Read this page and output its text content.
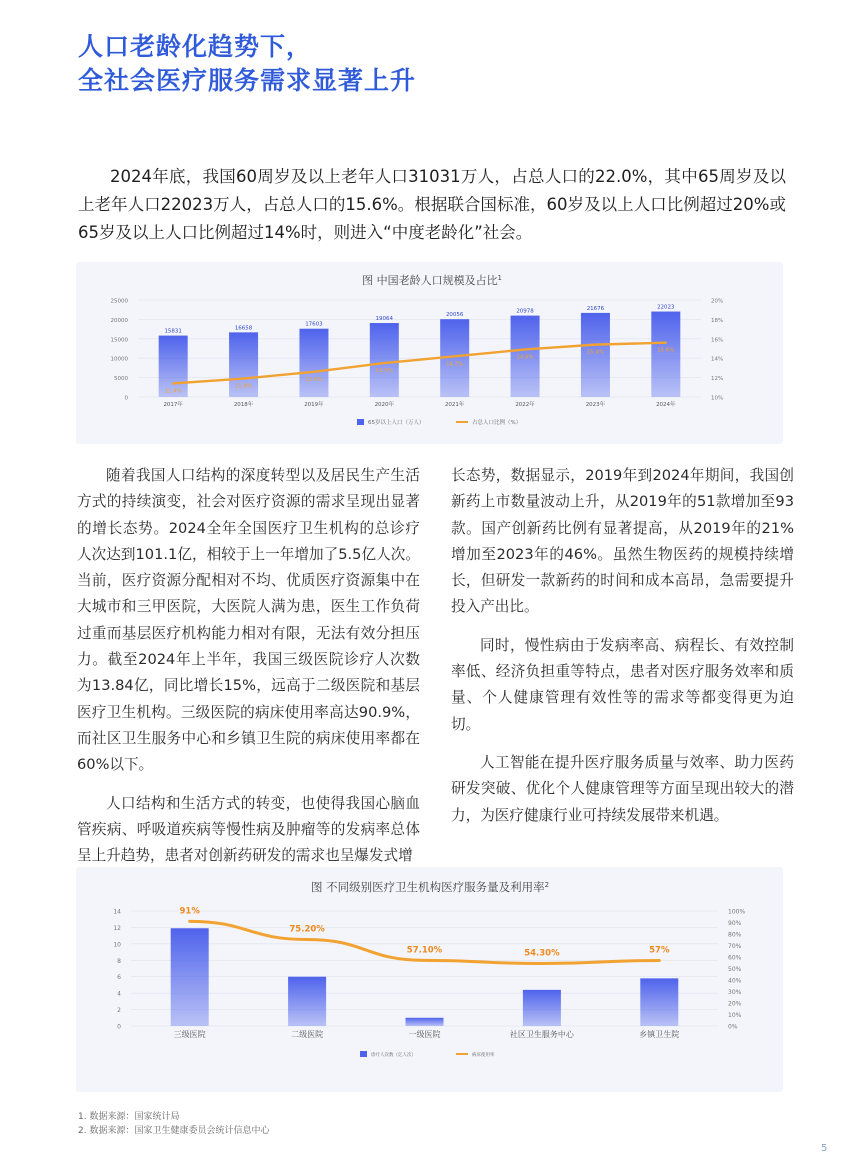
人口老龄化趋势下，
全社会医疗服务需求显著上升

2024年底，我国60周岁及以上老年人口31031万人，占总人口的22.0%，其中65周岁及以上老年人口22023万人，占总人口的15.6%。根据联合国标准，60岁及以上人口比例超过20%或65岁及以上人口比例超过14%时，则进入“中度老龄化”社会。

图 中国老龄人口规模及占比$^1$
0
5000
10000
15000
20000
25000
10%
12%
14%
16%
18%
20%
15831
16658
17603
19064
20056
20978	21676	22023
2017年	2018年	2019年	2020年	2021年	2022年	2023年	2024年
11.4%
11.9%
12.6%
13.5%
14.2%
14.9%
15.4%	15.6%
65岁以上人口（万人）	占总人口比例（%）

随着我国人口结构的深度转型以及居民生产生活方式的持续演变，社会对医疗资源的需求呈现出显著的增长态势。2024全年全国医疗卫生机构的总诊疗人次达到101.1亿，相较于上一年增加了5.5亿人次。当前，医疗资源分配相对不均、优质医疗资源集中在大城市和三甲医院，大医院人满为患，医生工作负荷过重而基层医疗机构能力相对有限，无法有效分担压力。截至2024年上半年，我国三级医院诊疗人次数为13.84亿，同比增长15%，远高于二级医院和基层医疗卫生机构。三级医院的病床使用率高达90.9%，而社区卫生服务中心和乡镇卫生院的病床使用率都在60%以下。

人口结构和生活方式的转变，也使得我国心脑血管疾病、呼吸道疾病等慢性病及肿瘤等的发病率总体呈上升趋势，患者对创新药研发的需求也呈爆发式增

长态势，数据显示，2019年到2024年期间，我国创新药上市数量波动上升，从2019年的51款增加至93款。国产创新药比例有显著提高，从2019年的21%增加至2023年的46%。虽然生物医药的规模持续增长，但研发一款新药的时间和成本高昂，急需要提升投入产出比。

同时，慢性病由于发病率高、病程长、有效控制率低、经济负担重等特点，患者对医疗服务效率和质量、个人健康管理有效性等的需求等都变得更为迫切。

人工智能在提升医疗服务质量与效率、助力医药研发突破、优化个人健康管理等方面呈现出较大的潜力，为医疗健康行业可持续发展带来机遇。

图 不同级别医疗卫生机构医疗服务量及利用率$^2$
0
2
4
6
8
10
12
14
0%
10%
20%
30%
40%
50%
60%
70%
80%
90%
100%
三级医院	二级医院	一级医院	社区卫生服务中心	乡镇卫生院
91%
75.20%
57.10%	54.30%	57%
诊疗人次数（亿人次）	病床使用率
1. 数据来源：国家统计局
2. 数据来源：国家卫生健康委员会统计信息中心
5
